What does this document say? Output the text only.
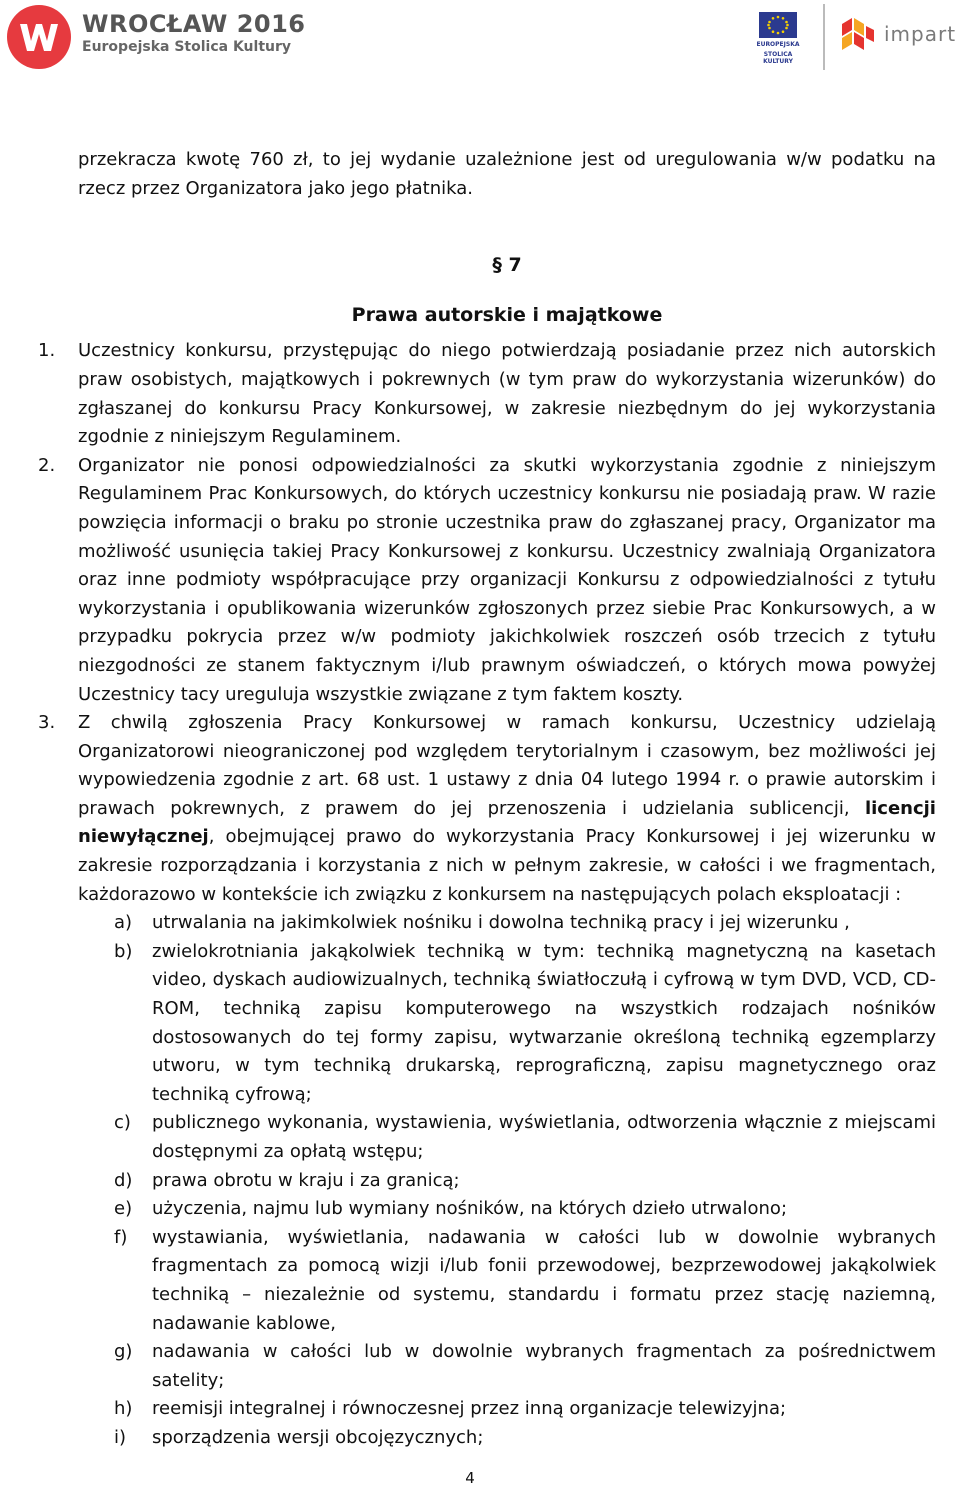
WROCŁAW 2016
Europejska Stolica Kultury	EUROPEJSKA
STOLICA KULTURY
impart

przekracza kwotę 760 zł, to jej wydanie uzależnione jest od uregulowania w/w podatku na rzecz przez Organizatora jako jego płatnika.

§ 7
Prawa autorskie i majątkowe
1. Uczestnicy konkursu, przystępując do niego potwierdzają posiadanie przez nich autorskich praw osobistych, majątkowych i pokrewnych (w tym praw do wykorzystania wizerunków) do zgłaszanej do konkursu Pracy Konkursowej, w zakresie niezbędnym do jej wykorzystania zgodnie z niniejszym Regulaminem.
2. Organizator nie ponosi odpowiedzialności za skutki wykorzystania zgodnie z niniejszym Regulaminem Prac Konkursowych, do których uczestnicy konkursu nie posiadają praw. W razie powzięcia informacji o braku po stronie uczestnika praw do zgłaszanej pracy, Organizator ma możliwość usunięcia takiej Pracy Konkursowej z konkursu. Uczestnicy zwalniają Organizatora oraz inne podmioty współpracujące przy organizacji Konkursu z odpowiedzialności z tytułu wykorzystania i opublikowania wizerunków zgłoszonych przez siebie Prac Konkursowych, a w przypadku pokrycia przez w/w podmioty jakichkolwiek roszczeń osób trzecich z tytułu niezgodności ze stanem faktycznym i/lub prawnym oświadczeń, o których mowa powyżej Uczestnicy tacy ureguluja wszystkie związane z tym faktem koszty.
3. Z chwilą zgłoszenia Pracy Konkursowej w ramach konkursu, Uczestnicy udzielają Organizatorowi nieograniczonej pod względem terytorialnym i czasowym, bez możliwości jej wypowiedzenia zgodnie z art. 68 ust. 1 ustawy z dnia 04 lutego 1994 r. o prawie autorskim i prawach pokrewnych, z prawem do jej przenoszenia i udzielania sublicencji, licencji niewyłącznej, obejmującej prawo do wykorzystania Pracy Konkursowej i jej wizerunku w zakresie rozporządzania i korzystania z nich w pełnym zakresie, w całości i we fragmentach, każdorazowo w kontekście ich związku z konkursem na następujących polach eksploatacji :
a) utrwalania na jakimkolwiek nośniku i dowolna techniką pracy i jej wizerunku ,
b) zwielokrotniania jakąkolwiek techniką w tym: techniką magnetyczną na kasetach video, dyskach audiowizualnych, techniką światłoczułą i cyfrową w tym DVD, VCD, CD-ROM, techniką zapisu komputerowego na wszystkich rodzajach nośników dostosowanych do tej formy zapisu, wytwarzanie określoną techniką egzemplarzy utworu, w tym techniką drukarską, reprograficzną, zapisu magnetycznego oraz techniką cyfrową;
c) publicznego wykonania, wystawienia, wyświetlania, odtworzenia włącznie z miejscami dostępnymi za opłatą wstępu;
d) prawa obrotu w kraju i za granicą;
e) użyczenia, najmu lub wymiany nośników, na których dzieło utrwalono;
f) wystawiania, wyświetlania, nadawania w całości lub w dowolnie wybranych fragmentach za pomocą wizji i/lub fonii przewodowej, bezprzewodowej jakąkolwiek techniką – niezależnie od systemu, standardu i formatu przez stację naziemną, nadawanie kablowe,
g) nadawania w całości lub w dowolnie wybranych fragmentach za pośrednictwem satelity;
h) reemisji integralnej i równoczesnej przez inną organizacje telewizyjna;
i) sporządzenia wersji obcojęzycznych;
4
